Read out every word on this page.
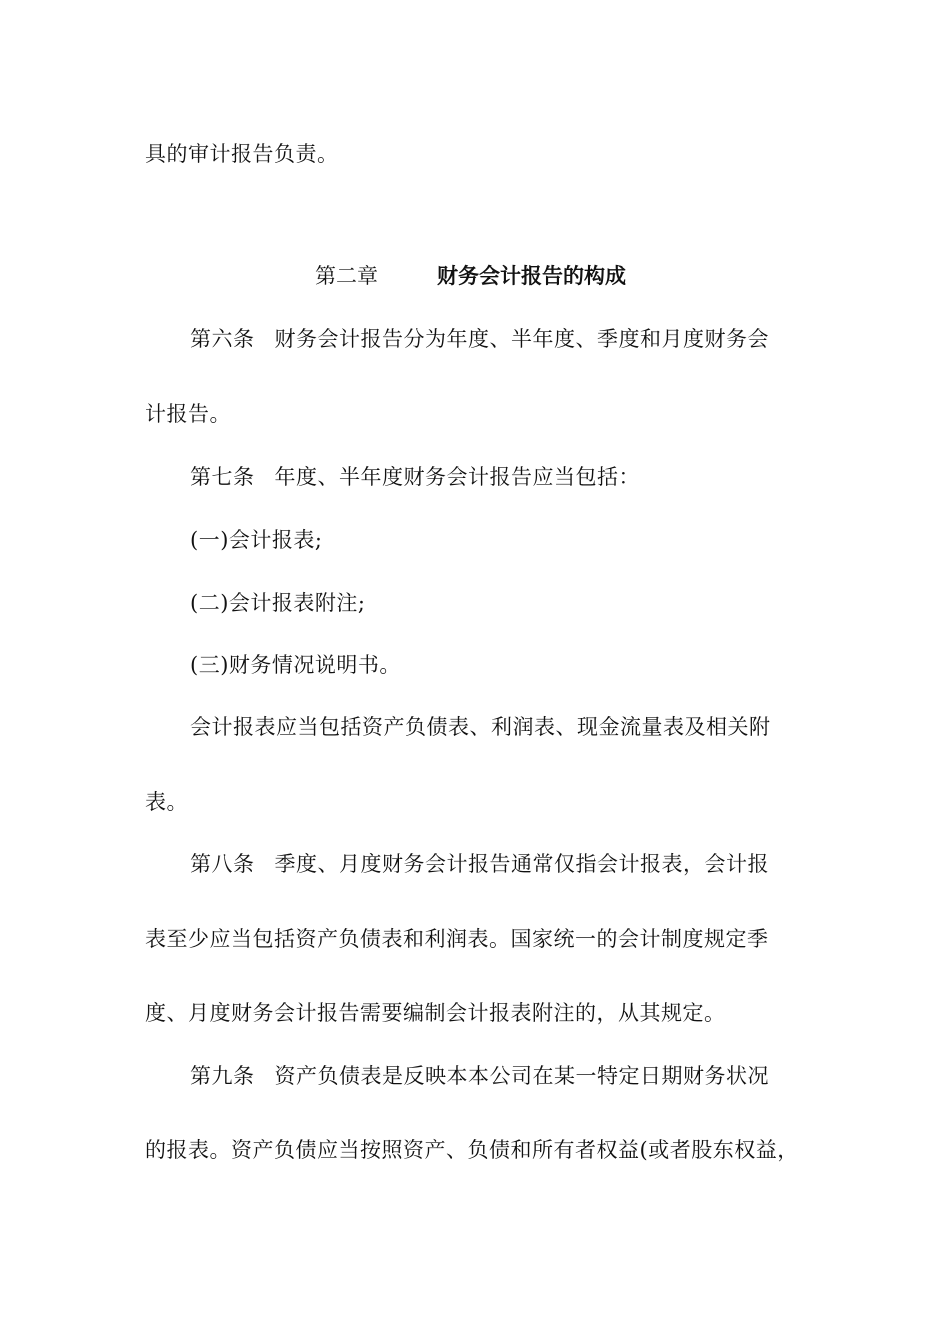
具的审计报告负责。
第二章	财务会计报告的构成
第六条 财务会计报告分为年度、半年度、季度和月度财务会
计报告。
第七条 年度、半年度财务会计报告应当包括：
(一)会计报表;
(二)会计报表附注;
(三)财务情况说明书。
会计报表应当包括资产负债表、利润表、现金流量表及相关附
表。
第八条 季度、月度财务会计报告通常仅指会计报表，会计报
表至少应当包括资产负债表和利润表。国家统一的会计制度规定季
度、月度财务会计报告需要编制会计报表附注的，从其规定。
第九条 资产负债表是反映本本公司在某一特定日期财务状况
的报表。资产负债应当按照资产、负债和所有者权益(或者股东权益，
